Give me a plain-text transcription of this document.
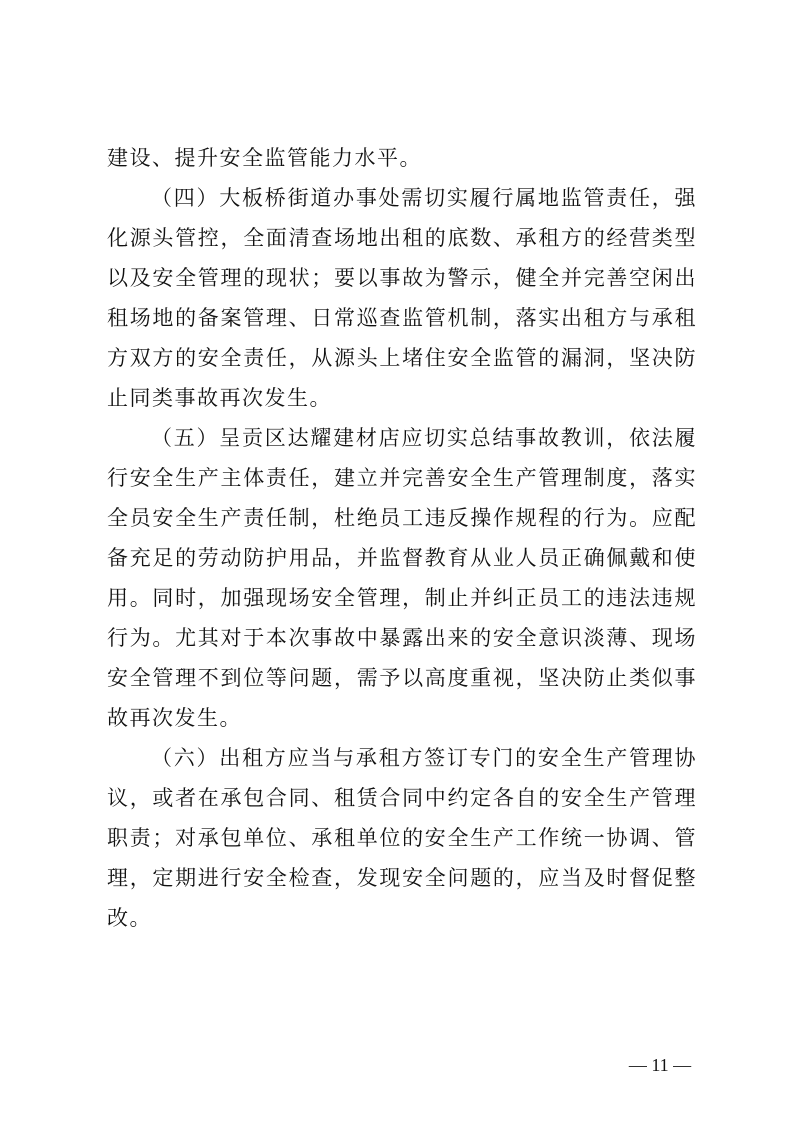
建设、提升安全监管能力水平。

（四）大板桥街道办事处需切实履行属地监管责任，强化源头管控，全面清查场地出租的底数、承租方的经营类型以及安全管理的现状；要以事故为警示，健全并完善空闲出租场地的备案管理、日常巡查监管机制，落实出租方与承租方双方的安全责任，从源头上堵住安全监管的漏洞，坚决防止同类事故再次发生。

（五）呈贡区达耀建材店应切实总结事故教训，依法履行安全生产主体责任，建立并完善安全生产管理制度，落实全员安全生产责任制，杜绝员工违反操作规程的行为。应配备充足的劳动防护用品，并监督教育从业人员正确佩戴和使用。同时，加强现场安全管理，制止并纠正员工的违法违规行为。尤其对于本次事故中暴露出来的安全意识淡薄、现场安全管理不到位等问题，需予以高度重视，坚决防止类似事故再次发生。

（六）出租方应当与承租方签订专门的安全生产管理协议，或者在承包合同、租赁合同中约定各自的安全生产管理职责；对承包单位、承租单位的安全生产工作统一协调、管理，定期进行安全检查，发现安全问题的，应当及时督促整改。

— 11 —
